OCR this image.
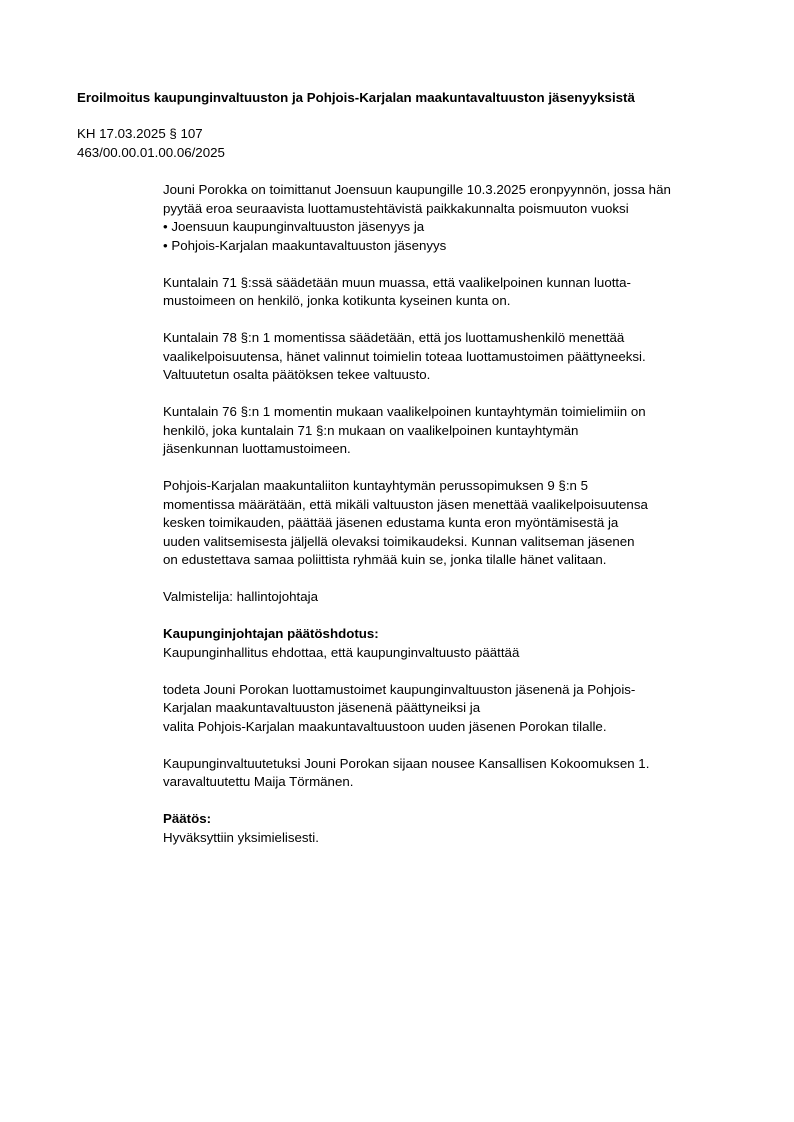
Eroilmoitus kaupunginvaltuuston ja Pohjois-Karjalan maakuntavaltuuston jäsenyyksistä
KH 17.03.2025 § 107
463/00.00.01.00.06/2025
Jouni Porokka on toimittanut Joensuun kaupungille 10.3.2025 eronpyynnön, jossa hän
pyytää eroa seuraavista luottamustehtävistä paikkakunnalta poismuuton vuoksi
• Joensuun kaupunginvaltuuston jäsenyys ja
• Pohjois-Karjalan maakuntavaltuuston jäsenyys
Kuntalain 71 §:ssä säädetään muun muassa, että vaalikelpoinen kunnan luotta-
mustoimeen on henkilö, jonka kotikunta kyseinen kunta on.
Kuntalain 78 §:n 1 momentissa säädetään, että jos luottamushenkilö menettää
vaalikelpoisuutensa, hänet valinnut toimielin toteaa luottamustoimen päättyneeksi.
Valtuutetun osalta päätöksen tekee valtuusto.
Kuntalain 76 §:n 1 momentin mukaan vaalikelpoinen kuntayhtymän toimielimiin on
henkilö, joka kuntalain 71 §:n mukaan on vaalikelpoinen kuntayhtymän
jäsenkunnan luottamustoimeen.
Pohjois-Karjalan maakuntaliiton kuntayhtymän perussopimuksen 9 §:n 5
momentissa määrätään, että mikäli valtuuston jäsen menettää vaalikelpoisuutensa
kesken toimikauden, päättää jäsenen edustama kunta eron myöntämisestä ja
uuden valitsemisesta jäljellä olevaksi toimikaudeksi. Kunnan valitseman jäsenen
on edustettava samaa poliittista ryhmää kuin se, jonka tilalle hänet valitaan.
Valmistelija: hallintojohtaja
Kaupunginjohtajan päätöshdotus:
Kaupunginhallitus ehdottaa, että kaupunginvaltuusto päättää
todeta Jouni Porokan luottamustoimet kaupunginvaltuuston jäsenenä ja Pohjois-
Karjalan maakuntavaltuuston jäsenenä päättyneiksi ja
valita Pohjois-Karjalan maakuntavaltuustoon uuden jäsenen Porokan tilalle.
Kaupunginvaltuutetuksi Jouni Porokan sijaan nousee Kansallisen Kokoomuksen 1.
varavaltuutettu Maija Törmänen.
Päätös:
Hyväksyttiin yksimielisesti.
